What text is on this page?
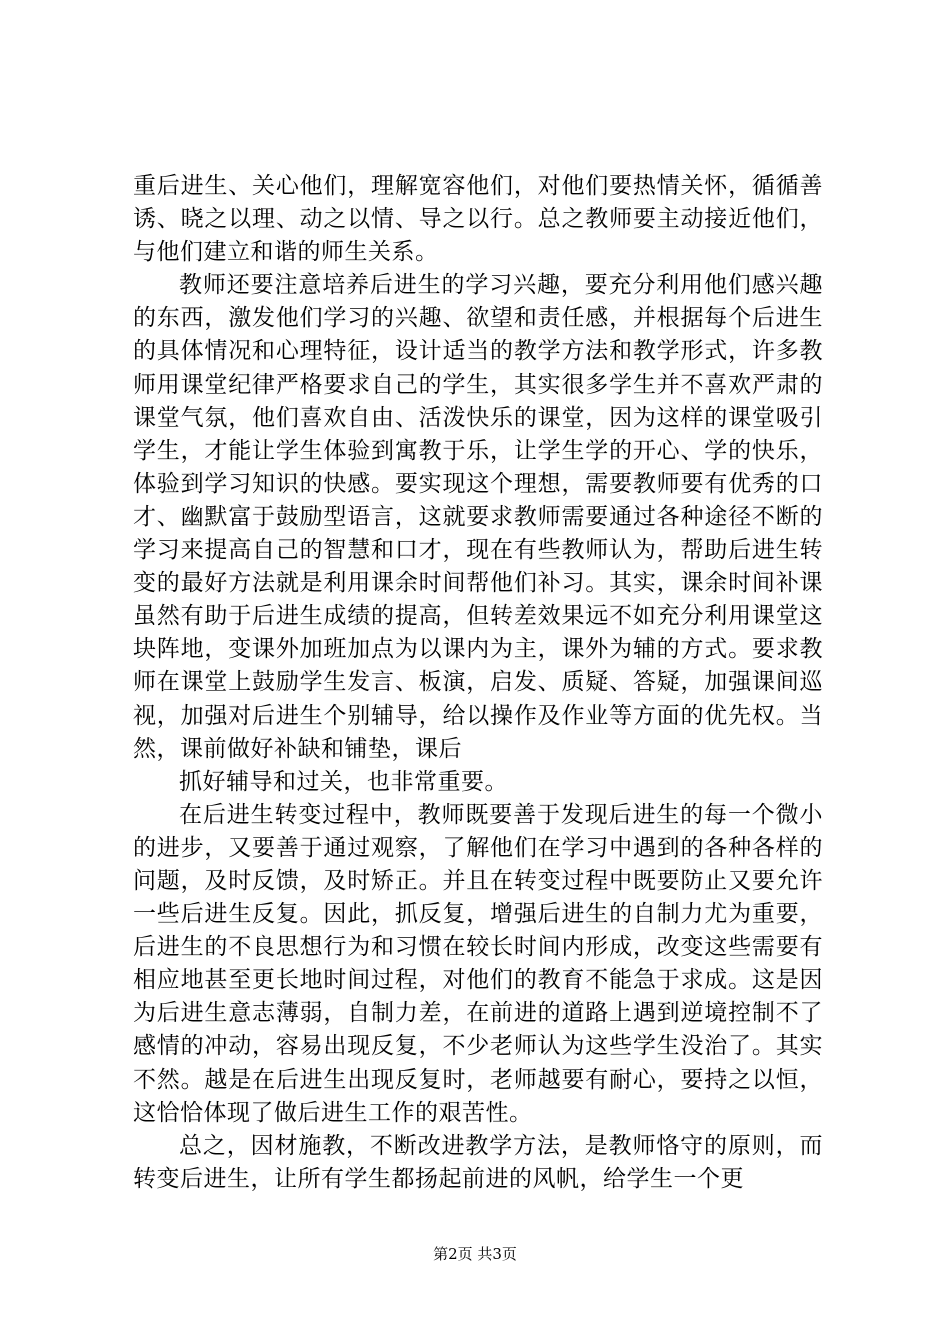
重后进生、关心他们，理解宽容他们，对他们要热情关怀，循循善诱、晓之以理、动之以情、导之以行。总之教师要主动接近他们，与他们建立和谐的师生关系。

教师还要注意培养后进生的学习兴趣，要充分利用他们感兴趣的东西，激发他们学习的兴趣、欲望和责任感，并根据每个后进生的具体情况和心理特征，设计适当的教学方法和教学形式，许多教师用课堂纪律严格要求自己的学生，其实很多学生并不喜欢严肃的课堂气氛，他们喜欢自由、活泼快乐的课堂，因为这样的课堂吸引学生，才能让学生体验到寓教于乐，让学生学的开心、学的快乐，体验到学习知识的快感。要实现这个理想，需要教师要有优秀的口才、幽默富于鼓励型语言，这就要求教师需要通过各种途径不断的学习来提高自己的智慧和口才，现在有些教师认为，帮助后进生转变的最好方法就是利用课余时间帮他们补习。其实，课余时间补课虽然有助于后进生成绩的提高，但转差效果远不如充分利用课堂这块阵地，变课外加班加点为以课内为主，课外为辅的方式。要求教师在课堂上鼓励学生发言、板演，启发、质疑、答疑，加强课间巡视，加强对后进生个别辅导，给以操作及作业等方面的优先权。当然，课前做好补缺和铺垫，课后

抓好辅导和过关，也非常重要。

在后进生转变过程中，教师既要善于发现后进生的每一个微小的进步，又要善于通过观察，了解他们在学习中遇到的各种各样的问题，及时反馈，及时矫正。并且在转变过程中既要防止又要允许一些后进生反复。因此，抓反复，增强后进生的自制力尤为重要，后进生的不良思想行为和习惯在较长时间内形成，改变这些需要有相应地甚至更长地时间过程，对他们的教育不能急于求成。这是因为后进生意志薄弱，自制力差，在前进的道路上遇到逆境控制不了感情的冲动，容易出现反复，不少老师认为这些学生没治了。其实不然。越是在后进生出现反复时，老师越要有耐心，要持之以恒，这恰恰体现了做后进生工作的艰苦性。

总之，因材施教，不断改进教学方法，是教师恪守的原则，而转变后进生，让所有学生都扬起前进的风帆，给学生一个更

第2页 共3页
